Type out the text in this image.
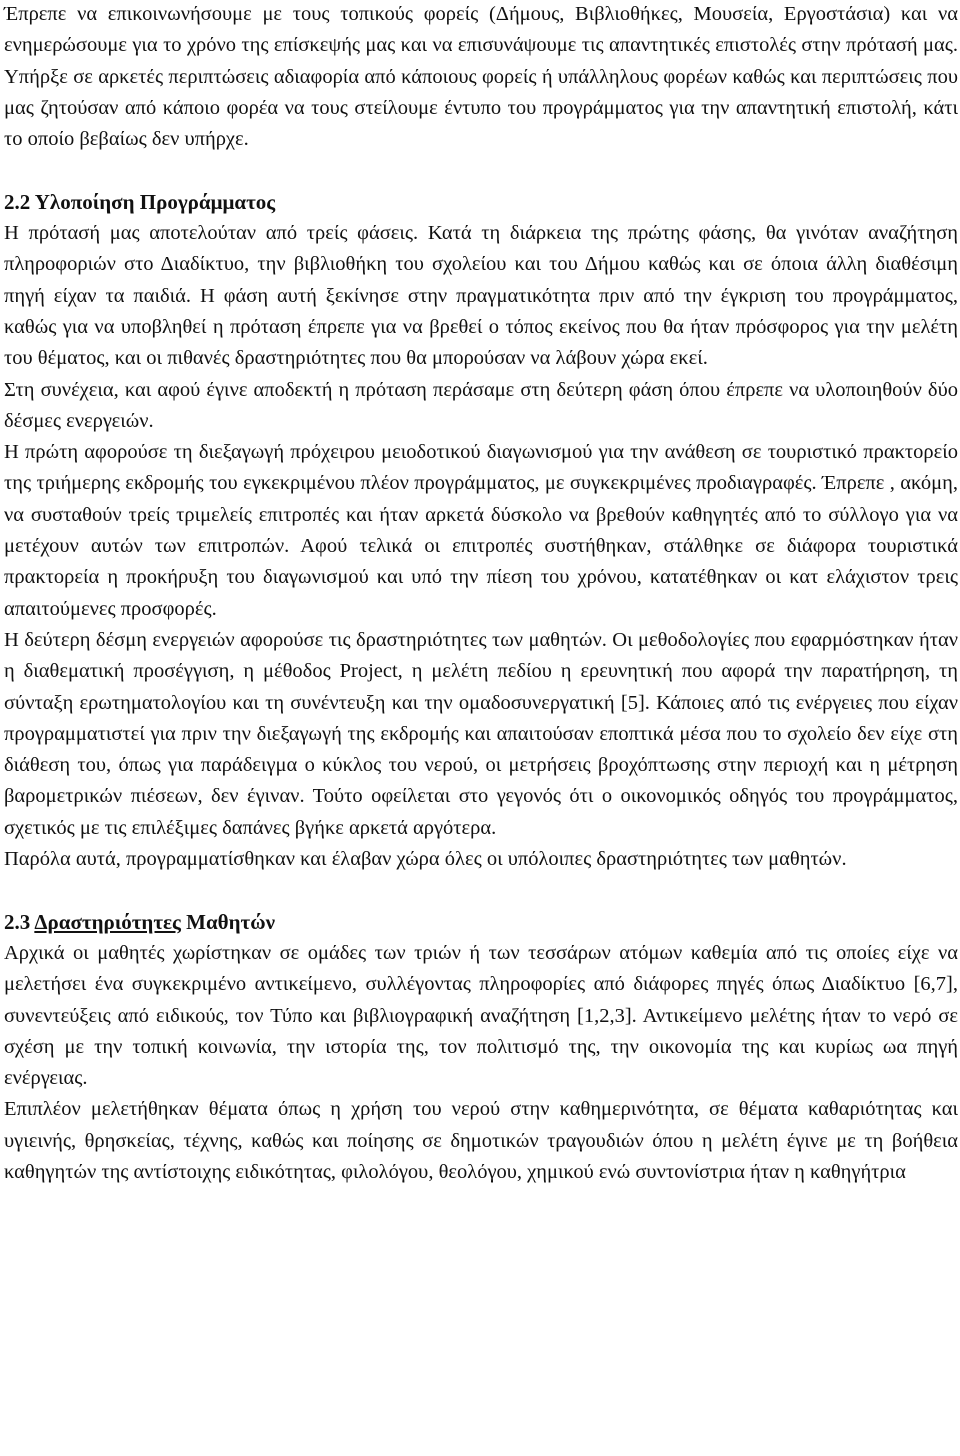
Έπρεπε να επικοινωνήσουμε με τους τοπικούς φορείς (Δήμους, Βιβλιοθήκες, Μουσεία, Εργοστάσια) και να ενημερώσουμε για το χρόνο της επίσκεψής μας και να επισυνάψουμε τις απαντητικές επιστολές στην πρότασή μας. Υπήρξε σε αρκετές περιπτώσεις αδιαφορία από κάποιους φορείς ή υπάλληλους φορέων καθώς και περιπτώσεις που μας ζητούσαν από κάποιο φορέα να τους στείλουμε έντυπο του προγράμματος για την απαντητική επιστολή, κάτι το οποίο βεβαίως δεν υπήρχε.

2.2 Υλοποίηση Προγράμματος

Η πρότασή μας αποτελούταν από τρείς φάσεις. Κατά τη διάρκεια της πρώτης φάσης, θα γινόταν αναζήτηση πληροφοριών στο Διαδίκτυο, την βιβλιοθήκη του σχολείου και του Δήμου καθώς και σε όποια άλλη διαθέσιμη πηγή είχαν τα παιδιά. Η φάση αυτή ξεκίνησε στην πραγματικότητα πριν από την έγκριση του προγράμματος, καθώς για να υποβληθεί η πρόταση έπρεπε για να βρεθεί ο τόπος εκείνος που θα ήταν πρόσφορος για την μελέτη του θέματος, και οι πιθανές δραστηριότητες που θα μπορούσαν να λάβουν χώρα εκεί.

Στη συνέχεια, και αφού έγινε αποδεκτή η πρόταση περάσαμε στη δεύτερη φάση όπου έπρεπε να υλοποιηθούν δύο δέσμες ενεργειών.

Η πρώτη αφορούσε τη διεξαγωγή πρόχειρου μειοδοτικού διαγωνισμού για την ανάθεση σε τουριστικό πρακτορείο της τριήμερης εκδρομής του εγκεκριμένου πλέον προγράμματος, με συγκεκριμένες προδιαγραφές. Έπρεπε , ακόμη, να συσταθούν τρείς τριμελείς επιτροπές και ήταν αρκετά δύσκολο να βρεθούν καθηγητές από το σύλλογο για να μετέχουν αυτών των επιτροπών. Αφού τελικά οι επιτροπές συστήθηκαν, στάλθηκε σε διάφορα τουριστικά πρακτορεία η προκήρυξη του διαγωνισμού και υπό την πίεση του χρόνου, κατατέθηκαν οι κατ ελάχιστον τρεις απαιτούμενες προσφορές.

Η δεύτερη δέσμη ενεργειών αφορούσε τις δραστηριότητες των μαθητών. Οι μεθοδολογίες που εφαρμόστηκαν ήταν η διαθεματική προσέγγιση, η μέθοδος Project, η μελέτη πεδίου η ερευνητική που αφορά την παρατήρηση, τη σύνταξη ερωτηματολογίου και τη συνέντευξη και την ομαδοσυνεργατική [5]. Κάποιες από τις ενέργειες που είχαν προγραμματιστεί για πριν την διεξαγωγή της εκδρομής και απαιτούσαν εποπτικά μέσα που το σχολείο δεν είχε στη διάθεση του, όπως για παράδειγμα ο κύκλος του νερού, οι μετρήσεις βροχόπτωσης στην περιοχή και η μέτρηση βαρομετρικών πιέσεων, δεν έγιναν. Τούτο οφείλεται στο γεγονός ότι ο οικονομικός οδηγός του προγράμματος, σχετικός με τις επιλέξιμες δαπάνες βγήκε αρκετά αργότερα.

Παρόλα αυτά, προγραμματίσθηκαν και έλαβαν χώρα όλες οι υπόλοιπες δραστηριότητες των μαθητών.

2.3 Δραστηριότητες Μαθητών

Αρχικά οι μαθητές χωρίστηκαν σε ομάδες των τριών ή των τεσσάρων ατόμων καθεμία από τις οποίες είχε να μελετήσει ένα συγκεκριμένο αντικείμενο, συλλέγοντας πληροφορίες από διάφορες πηγές όπως Διαδίκτυο [6,7], συνεντεύξεις από ειδικούς, τον Τύπο και βιβλιογραφική αναζήτηση [1,2,3]. Αντικείμενο μελέτης ήταν το νερό σε σχέση με την τοπική κοινωνία, την ιστορία της, τον πολιτισμό της, την οικονομία της και κυρίως ωα πηγή ενέργειας.

Επιπλέον μελετήθηκαν θέματα όπως η χρήση του νερού στην καθημερινότητα, σε θέματα καθαριότητας και υγιεινής, θρησκείας, τέχνης, καθώς και ποίησης σε δημοτικών τραγουδιών όπου η μελέτη έγινε με τη βοήθεια καθηγητών της αντίστοιχης ειδικότητας, φιλολόγου, θεολόγου, χημικού ενώ συντονίστρια ήταν η καθηγήτρια
